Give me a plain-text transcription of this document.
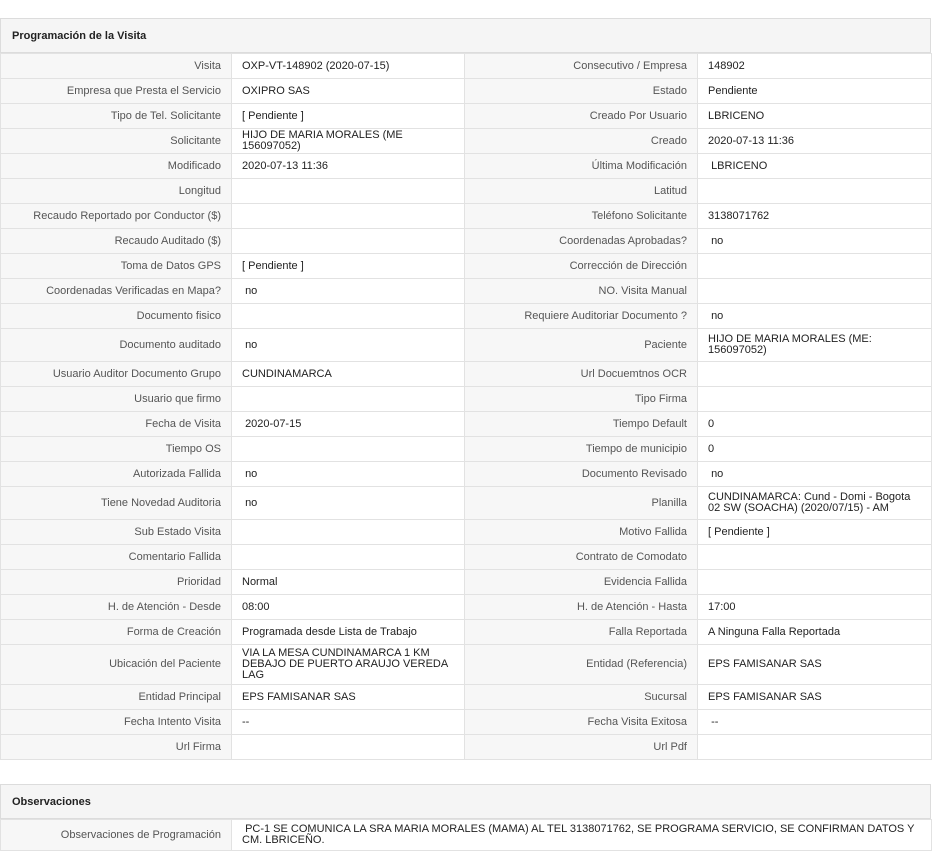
Programación de la Visita
Visita	OXP-VT-148902 (2020-07-15)	Consecutivo / Empresa	148902
Empresa que Presta el Servicio	OXIPRO SAS	Estado	Pendiente
Tipo de Tel. Solicitante	[ Pendiente ]	Creado Por Usuario	LBRICENO
Solicitante	HIJO DE MARIA MORALES (ME 156097052)	Creado	2020-07-13 11:36
Modificado	2020-07-13 11:36	Última Modificación	LBRICENO
Longitud		Latitud	
Recaudo Reportado por Conductor ($)		Teléfono Solicitante	3138071762
Recaudo Auditado ($)		Coordenadas Aprobadas?	no
Toma de Datos GPS	[ Pendiente ]	Corrección de Dirección	
Coordenadas Verificadas en Mapa?	no	NO. Visita Manual	
Documento fisico		Requiere Auditoriar Documento ?	no
Documento auditado	no	Paciente	HIJO DE MARIA MORALES (ME: 156097052)
Usuario Auditor Documento Grupo	CUNDINAMARCA	Url Docuemtnos OCR	
Usuario que firmo		Tipo Firma	
Fecha de Visita	2020-07-15	Tiempo Default	0
Tiempo OS		Tiempo de municipio	0
Autorizada Fallida	no	Documento Revisado	no
Tiene Novedad Auditoria	no	Planilla	CUNDINAMARCA: Cund - Domi - Bogota 02 SW (SOACHA) (2020/07/15) - AM
Sub Estado Visita		Motivo Fallida	[ Pendiente ]
Comentario Fallida		Contrato de Comodato	
Prioridad	Normal	Evidencia Fallida	
H. de Atención - Desde	08:00	H. de Atención - Hasta	17:00
Forma de Creación	Programada desde Lista de Trabajo	Falla Reportada	A Ninguna Falla Reportada
Ubicación del Paciente	VIA LA MESA CUNDINAMARCA 1 KM DEBAJO DE PUERTO ARAUJO VEREDA LAG	Entidad (Referencia)	EPS FAMISANAR SAS
Entidad Principal	EPS FAMISANAR SAS	Sucursal	EPS FAMISANAR SAS
Fecha Intento Visita	--	Fecha Visita Exitosa	--
Url Firma		Url Pdf	
Observaciones
Observaciones de Programación	PC-1 SE COMUNICA LA SRA MARIA MORALES (MAMA) AL TEL 3138071762, SE PROGRAMA SERVICIO, SE CONFIRMAN DATOS Y CM. LBRICEÑO.
